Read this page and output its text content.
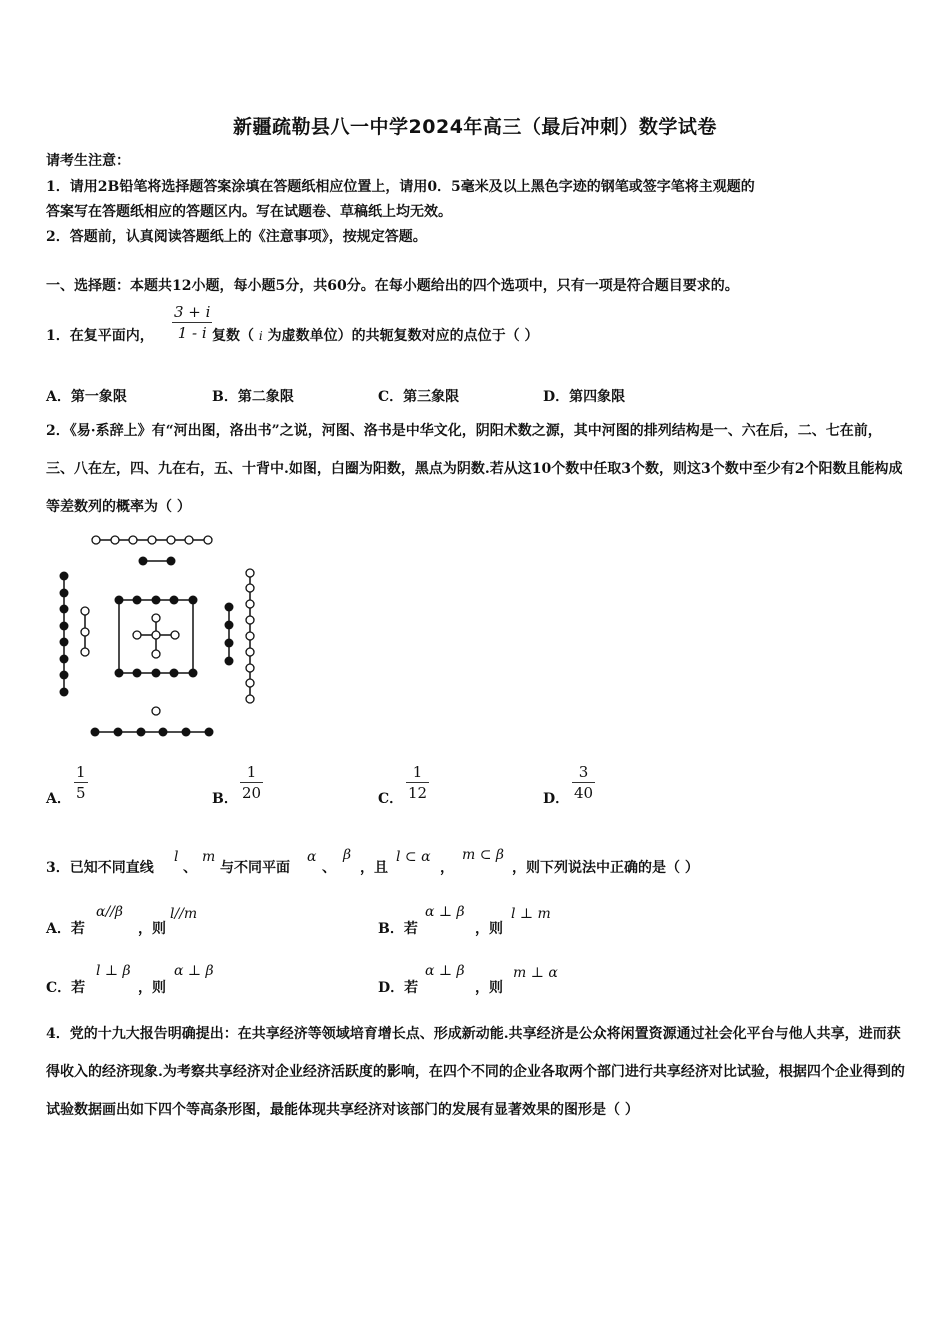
新疆疏勒县八一中学2024年高三（最后冲刺）数学试卷
请考生注意：
1．请用2B铅笔将选择题答案涂填在答题纸相应位置上，请用0．5毫米及以上黑色字迹的钢笔或签字笔将主观题的
答案写在答题纸相应的答题区内。写在试题卷、草稿纸上均无效。
2．答题前，认真阅读答题纸上的《注意事项》，按规定答题。
一、选择题：本题共12小题，每小题5分，共60分。在每小题给出的四个选项中，只有一项是符合题目要求的。
1．在复平面内， $\frac{3 + i}{1 - i}$ 复数（ i 为虚数单位）的共轭复数对应的点位于（ ）
A．第一象限	B．第二象限	C．第三象限	D．第四象限
2．《易·系辞上》有“河出图，洛出书”之说，河图、洛书是中华文化，阴阳术数之源，其中河图的排列结构是一、六在后，二、七在前，三、八在左，四、九在右，五、十背中.如图，白圈为阳数，黑点为阴数.若从这10个数中任取3个数，则这3个数中至少有2个阳数且能构成等差数列的概率为（ ）
A． $\frac{1}{5}$	B． $\frac{1}{20}$	C． $\frac{1}{12}$	D． $\frac{3}{40}$
3．已知不同直线
l
、
m
与不同平面
α
、
β
，且
l ⊂ α
，
m ⊂ β
，则下列说法中正确的是（ ）
A．若
α//β
，则
l//m
B．若
α ⊥ β
，则
l ⊥ m
C．若
l ⊥ β
，则
α ⊥ β
D．若
α ⊥ β
，则
m ⊥ α
4．党的十九大报告明确提出：在共享经济等领域培育增长点、形成新动能.共享经济是公众将闲置资源通过社会化平台与他人共享，进而获得收入的经济现象.为考察共享经济对企业经济活跃度的影响，在四个不同的企业各取两个部门进行共享经济对比试验，根据四个企业得到的试验数据画出如下四个等高条形图，最能体现共享经济对该部门的发展有显著效果的图形是（ ）
